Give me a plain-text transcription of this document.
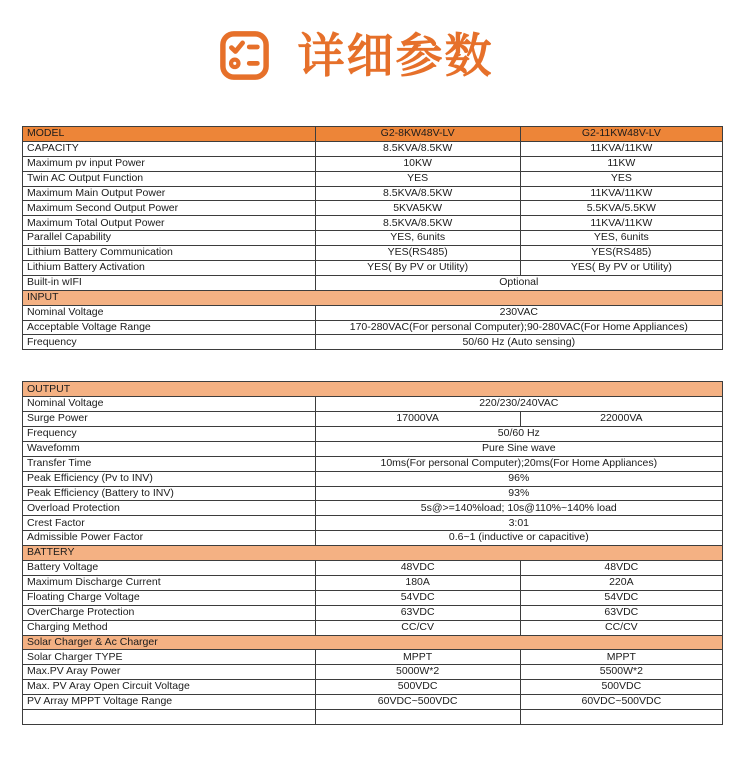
详细参数
MODEL	G2-8KW48V-LV	G2-11KW48V-LV
CAPACITY	8.5KVA/8.5KW	11KVA/11KW
Maximum pv input Power	10KW	11KW
Twin AC Output Function	YES	YES
Maximum Main Output Power	8.5KVA/8.5KW	11KVA/11KW
Maximum Second Output Power	5KVA5KW	5.5KVA/5.5KW
Maximum Total Output Power	8.5KVA/8.5KW	11KVA/11KW
Parallel Capability	YES, 6units	YES, 6units
Lithium Battery Communication	YES(RS485)	YES(RS485)
Lithium Battery Activation	YES( By PV or Utility)	YES( By PV or Utility)
Built-in wIFI	Optional	
INPUT		
Nominal Voltage	230VAC	
Acceptable Voltage Range	170-280VAC(For personal Computer);90-280VAC(For Home Appliances)	
Frequency	50/60 Hz (Auto sensing)	
OUTPUT		
Nominal Voltage	220/230/240VAC	
Surge Power	17000VA	22000VA
Frequency	50/60 Hz	
Wavefomm	Pure Sine wave	
Transfer Time	10ms(For personal Computer);20ms(For Home Appliances)	
Peak Efficiency (Pv to INV)	96%	
Peak Efficiency (Battery to INV)	93%	
Overload Protection	5s@>=140%load; 10s@110%~140% load	
Crest Factor	3:01	
Admissible Power Factor	0.6~1 (inductive or capacitive)	
BATTERY		
Battery Voltage	48VDC	48VDC
Maximum Discharge Current	180A	220A
Floating Charge Voltage	54VDC	54VDC
OverCharge Protection	63VDC	63VDC
Charging Method	CC/CV	CC/CV
Solar Charger & Ac Charger		
Solar Charger TYPE	MPPT	MPPT
Max.PV Aray Power	5000W*2	5500W*2
Max. PV Aray Open Circuit Voltage	500VDC	500VDC
PV Array MPPT Voltage Range	60VDC~500VDC	60VDC~500VDC
